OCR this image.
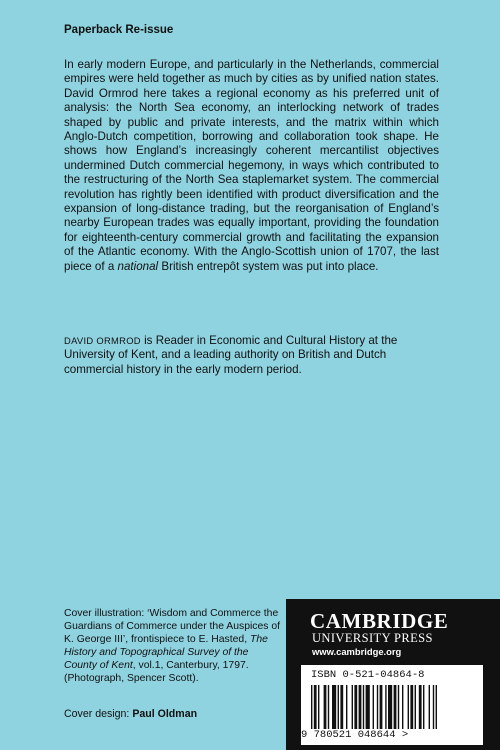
Paperback Re-issue

In early modern Europe, and particularly in the Netherlands, commercial empires were held together as much by cities as by unified nation states. David Ormrod here takes a regional economy as his preferred unit of analysis: the North Sea economy, an interlocking network of trades shaped by public and private interests, and the matrix within which Anglo-Dutch competition, borrowing and collaboration took shape. He shows how England’s increasingly coherent mercantilist objectives undermined Dutch commercial hegemony, in ways which contributed to the restructuring of the North Sea staplemarket system. The commercial revolution has rightly been identified with product diversification and the expansion of long-distance trading, but the reorganisation of England’s nearby European trades was equally important, providing the foundation for eighteenth-century commercial growth and facilitating the expansion of the Atlantic economy. With the Anglo-Scottish union of 1707, the last piece of a national British entrepôt system was put into place.

DAVID ORMROD is Reader in Economic and Cultural History at the University of Kent, and a leading authority on British and Dutch commercial history in the early modern period.

Cover illustration: ‘Wisdom and Commerce the Guardians of Commerce under the Auspices of K. George III’, frontispiece to E. Hasted, The History and Topographical Survey of the County of Kent, vol.1, Canterbury, 1797. (Photograph, Spencer Scott).

Cover design: Paul Oldman
CAMBRIDGE
UNIVERSITY PRESS
www.cambridge.org
ISBN 0-521-04864-8
9 780521 048644 >
